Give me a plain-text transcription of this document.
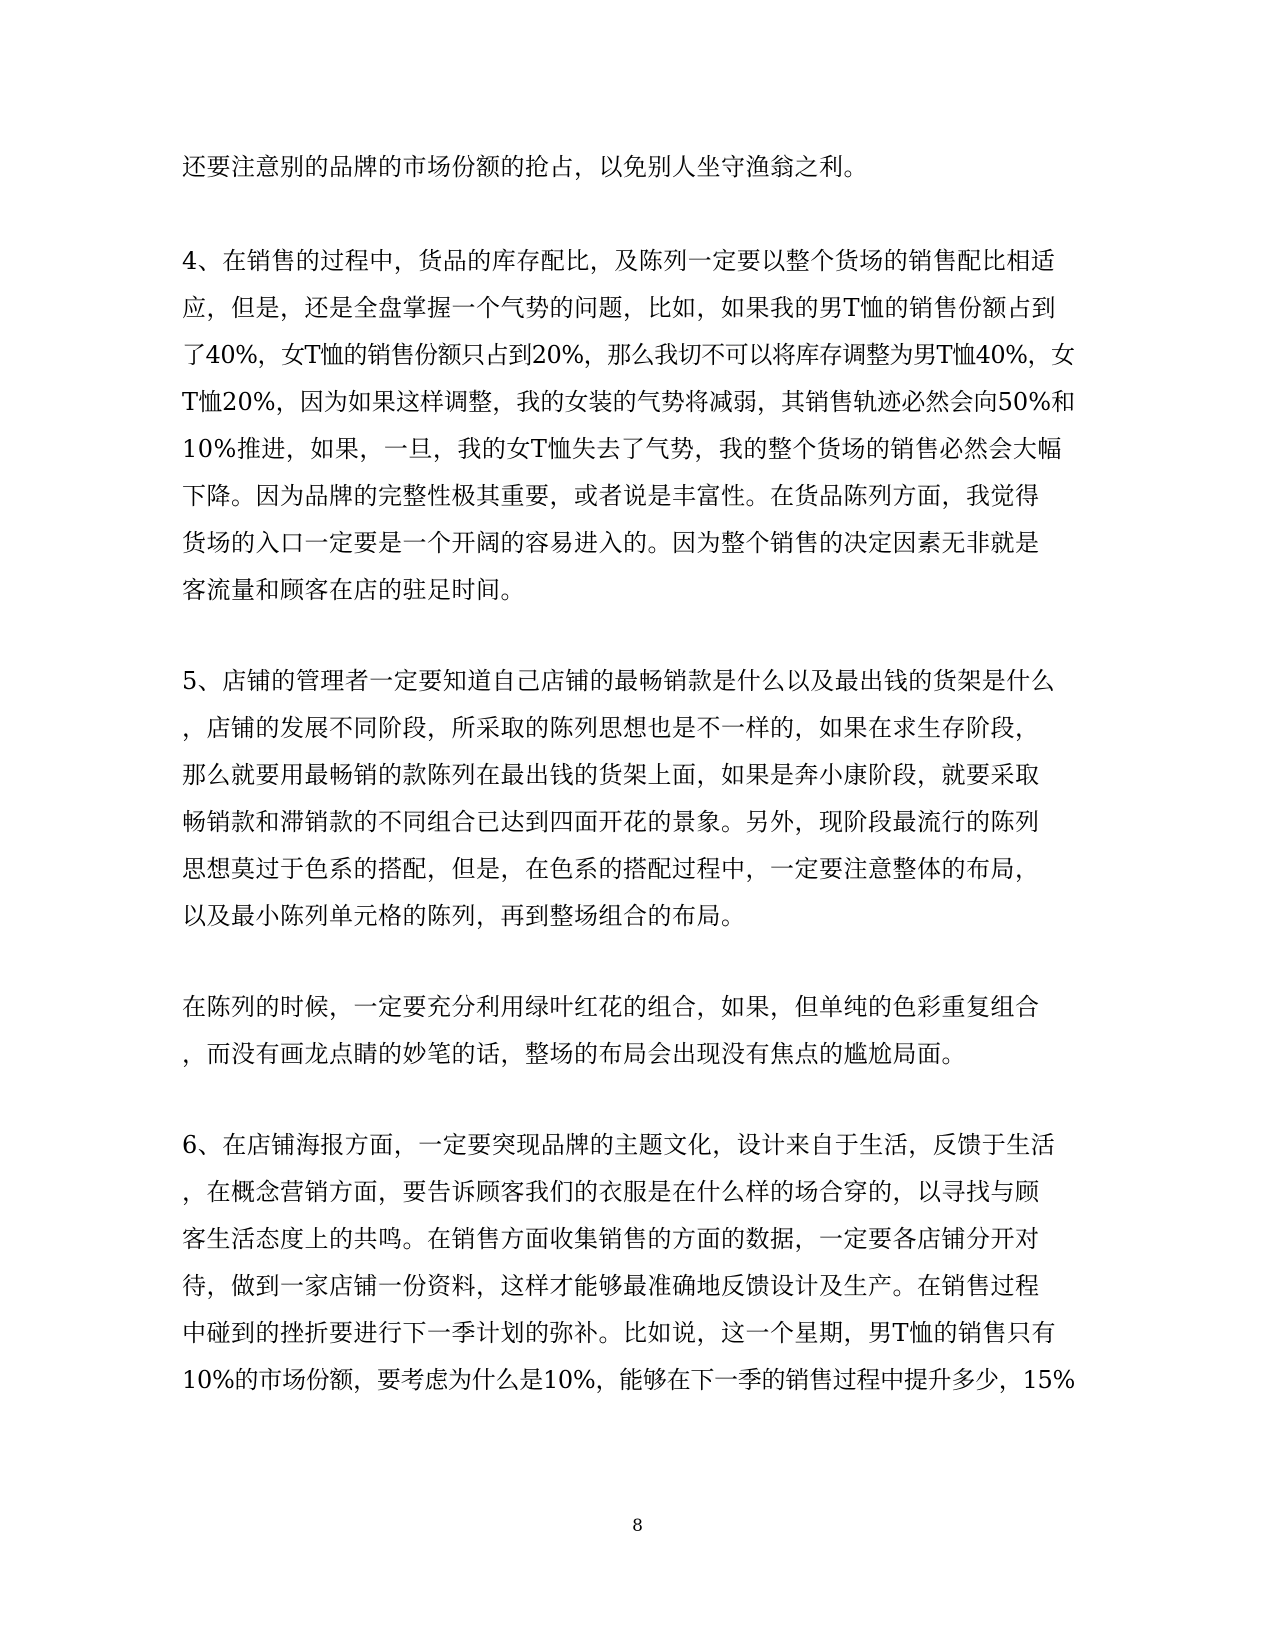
还要注意别的品牌的市场份额的抢占，以免别人坐守渔翁之利。
4、在销售的过程中，货品的库存配比，及陈列一定要以整个货场的销售配比相适
应，但是，还是全盘掌握一个气势的问题，比如，如果我的男T恤的销售份额占到
了40%，女T恤的销售份额只占到20%，那么我切不可以将库存调整为男T恤40%，女
T恤20%，因为如果这样调整，我的女装的气势将减弱，其销售轨迹必然会向50%和
10%推进，如果，一旦，我的女T恤失去了气势，我的整个货场的销售必然会大幅
下降。因为品牌的完整性极其重要，或者说是丰富性。在货品陈列方面，我觉得
货场的入口一定要是一个开阔的容易进入的。因为整个销售的决定因素无非就是
客流量和顾客在店的驻足时间。
5、店铺的管理者一定要知道自己店铺的最畅销款是什么以及最出钱的货架是什么
，店铺的发展不同阶段，所采取的陈列思想也是不一样的，如果在求生存阶段，
那么就要用最畅销的款陈列在最出钱的货架上面，如果是奔小康阶段，就要采取
畅销款和滞销款的不同组合已达到四面开花的景象。另外，现阶段最流行的陈列
思想莫过于色系的搭配，但是，在色系的搭配过程中，一定要注意整体的布局，
以及最小陈列单元格的陈列，再到整场组合的布局。
在陈列的时候，一定要充分利用绿叶红花的组合，如果，但单纯的色彩重复组合
，而没有画龙点睛的妙笔的话，整场的布局会出现没有焦点的尴尬局面。
6、在店铺海报方面，一定要突现品牌的主题文化，设计来自于生活，反馈于生活
，在概念营销方面，要告诉顾客我们的衣服是在什么样的场合穿的，以寻找与顾
客生活态度上的共鸣。在销售方面收集销售的方面的数据，一定要各店铺分开对
待，做到一家店铺一份资料，这样才能够最准确地反馈设计及生产。在销售过程
中碰到的挫折要进行下一季计划的弥补。比如说，这一个星期，男T恤的销售只有
10%的市场份额，要考虑为什么是10%，能够在下一季的销售过程中提升多少，15%
8
